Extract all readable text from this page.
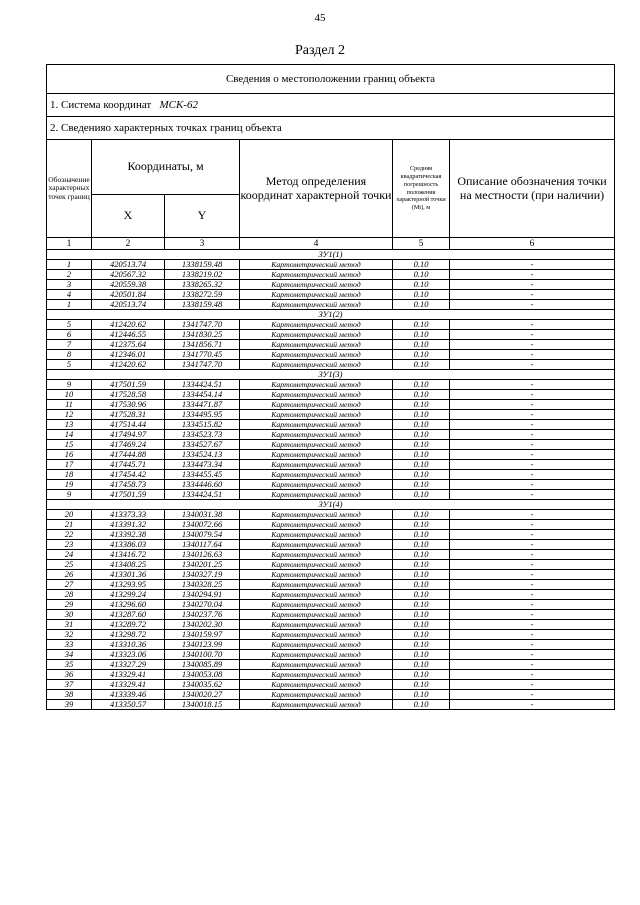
45
Раздел 2
Сведения о местоположении границ объекта					
1. Система координат МСК-62					
2. Сведенияо характерных точках границ объекта					
Обозначение характерных точек границ	Координаты, м		Метод определения координат характерной точки	Средняя квадратическая погрешность положения характерной точки (Mt), м	Описание обозначения точки на местности (при наличии)
	X	Y			
1	2	3	4	5	6
ЗУ1(1)					
1	420513.74	1338159.48	Картометрический метод	0.10	-
2	420567.32	1338219.02	Картометрический метод	0.10	-
3	420559.38	1338265.32	Картометрический метод	0.10	-
4	420501.84	1338272.59	Картометрический метод	0.10	-
1	420513.74	1338159.48	Картометрический метод	0.10	-
ЗУ1(2)					
5	412420.62	1341747.70	Картометрический метод	0.10	-
6	412446.55	1341830.25	Картометрический метод	0.10	-
7	412375.64	1341856.71	Картометрический метод	0.10	-
8	412346.01	1341770.45	Картометрический метод	0.10	-
5	412420.62	1341747.70	Картометрический метод	0.10	-
ЗУ1(3)					
9	417501.59	1334424.51	Картометрический метод	0.10	-
10	417528.58	1334454.14	Картометрический метод	0.10	-
11	417530.96	1334471.87	Картометрический метод	0.10	-
12	417528.31	1334495.95	Картометрический метод	0.10	-
13	417514.44	1334515.82	Картометрический метод	0.10	-
14	417494.97	1334523.73	Картометрический метод	0.10	-
15	417469.24	1334527.67	Картометрический метод	0.10	-
16	417444.88	1334524.13	Картометрический метод	0.10	-
17	417445.71	1334473.34	Картометрический метод	0.10	-
18	417454.42	1334455.45	Картометрический метод	0.10	-
19	417458.73	1334446.60	Картометрический метод	0.10	-
9	417501.59	1334424.51	Картометрический метод	0.10	-
ЗУ1(4)					
20	413373.33	1340031.38	Картометрический метод	0.10	-
21	413391.32	1340072.66	Картометрический метод	0.10	-
22	413392.38	1340079.54	Картометрический метод	0.10	-
23	413386.03	1340117.64	Картометрический метод	0.10	-
24	413416.72	1340126.63	Картометрический метод	0.10	-
25	413408.25	1340201.25	Картометрический метод	0.10	-
26	413301.36	1340327.19	Картометрический метод	0.10	-
27	413293.95	1340328.25	Картометрический метод	0.10	-
28	413299.24	1340294.91	Картометрический метод	0.10	-
29	413296.60	1340270.04	Картометрический метод	0.10	-
30	413287.60	1340237.76	Картометрический метод	0.10	-
31	413289.72	1340202.30	Картометрический метод	0.10	-
32	413298.72	1340159.97	Картометрический метод	0.10	-
33	413310.36	1340123.99	Картометрический метод	0.10	-
34	413323.06	1340100.70	Картометрический метод	0.10	-
35	413327.29	1340085.89	Картометрический метод	0.10	-
36	413329.41	1340053.08	Картометрический метод	0.10	-
37	413329.41	1340035.62	Картометрический метод	0.10	-
38	413339.46	1340020.27	Картометрический метод	0.10	-
39	413350.57	1340018.15	Картометрический метод	0.10	-
